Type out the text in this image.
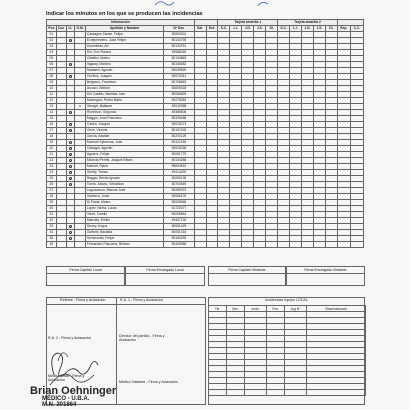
Indicar los minutos en los que se producen las incidencias
Información								Tarjeta amarilla 1					Tarjeta amarilla 2						
Pos	Dor	I.L	O.M.	Apellido y Nombre	Nº Doc	Sal.	Ent.	S.C.	L.I.	J.G.	J.S.	Di.	S.C.	L.I.	J.G.	J.S.	Di.	Exp.	C.C.
01				Cassagne Zarate, Felipe	50800301														
02				Echepebeleru, Juan Felipe	50134759														
03				Dommittan, Ari	50134761														
04				Diri, Don Ramos	49588445														
05				Cifaldini, Mateo	50134863														
06				Irigaray, Maximo	50346582														
07				Saldaeni, Agustin	50039520														
08				Cevillos, Joaquin	50670341														
09				Belgrano, Francisco	50706815														
10				Arcucci, Beltran	50805018														
11				Del Castillo, Bautista Jose	50056829														
12				Montegiuz, Pedro Maria	50275083														
13			x	Stengel, Baltazar	50040958														
14				Richelson, Segundo	49386606														
15				Maggio, Juan Francisco	50335466														
16				Castro, Joaquin	50015073														
17				Orive, Vicente	50157403														
18				Garcia, Bastian	50200129														
19				Monforti Sybesma, Juan	50121136														
20				Calcagni, Agustin	50515036														
21				Aguerre, Felipe	50061779														
22				Miranda Peretti, Joaquin Eliseo	50134266														
23				Mariotti, Ryker	99604510														
24				Gnetty, Tomas	49414492														
25				Raggio, Benito Ignacio	50050139														
26				Torres Juliano, Sebastian	50700549														
27				Leguizamon, Marcos Jose	50289372														
28				Gallesco, Justo	50066176														
29				Di Paola, Mateo	50005966														
30				Lopez Varela, Lucas	51720077														
31				Yanni, Camilo	50006644														
32				Mancilla, Emilio	49487130														
33				Storey, Angus	50061429														
34				Guffanti, Bautista	50051416														
35				Semenzato, Felipe	50184292														
36				Fernandez Pascuma, Beltran	50406986														
Firma Capitán Local	Firma Encargado Local	Firma Capitán Visitante	Firma Encargado Visitante
Referee - Firma y Aclaración	R.A. 1 - Firma y Aclaración
R.A. 2 - Firma y Aclaración	Director del partido - Firma y Aclaración
Médico Local - Firma y Aclaración	Médico Visitante - Firma y Aclaración
Incidencias equipo LOCAL
Tie.	Min.	Incid.	Pos.	Jug N°	Observaciones

Brian Oehninger
MÉDICO - U.B.A.
M.N. 201864
